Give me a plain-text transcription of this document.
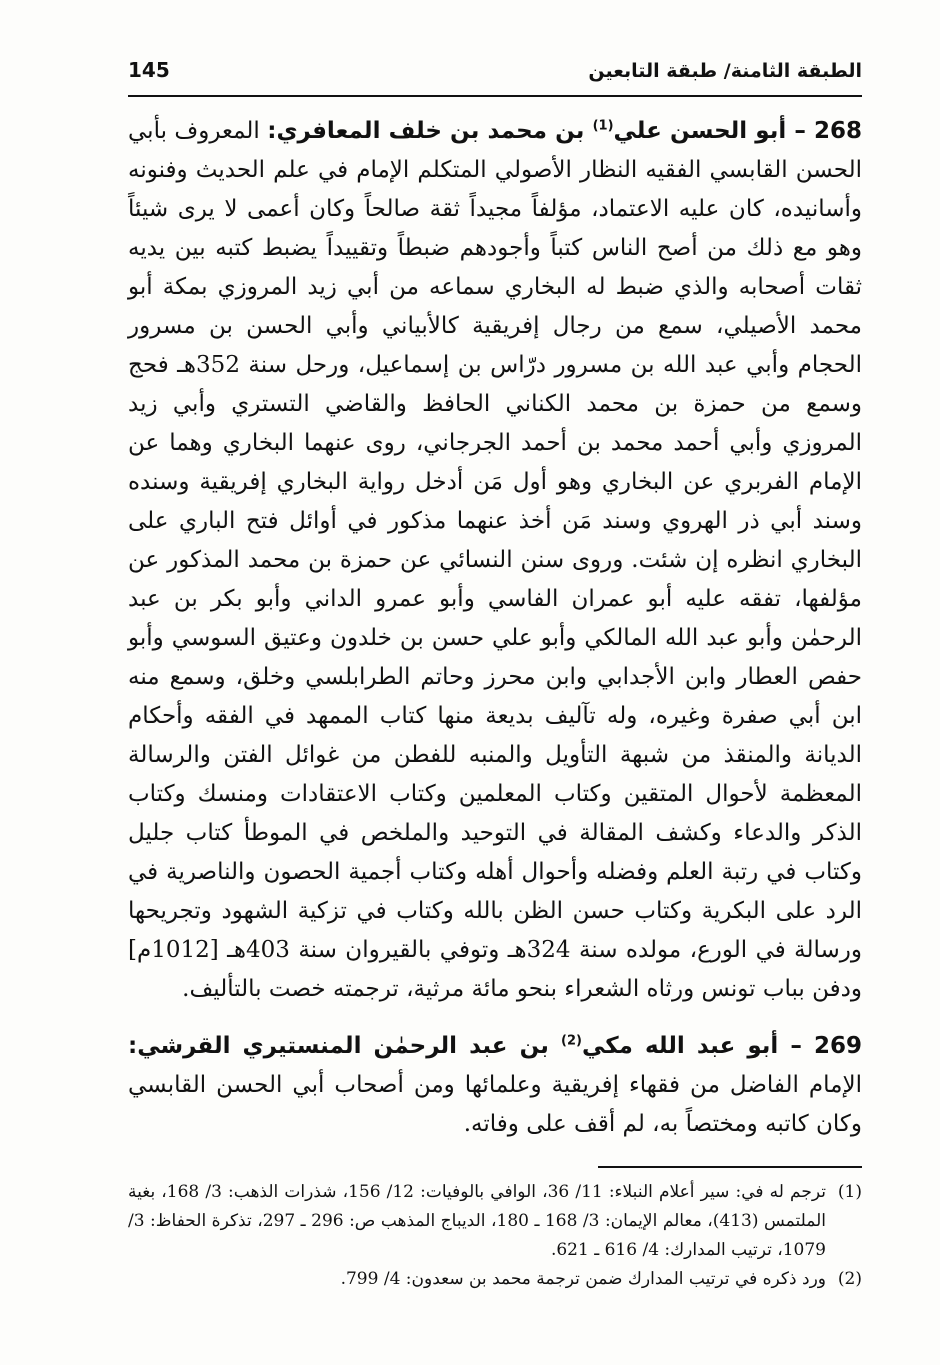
الطبقة الثامنة/ طبقة التابعين
145

268 – أبو الحسن علي$^{(1)}$ بن محمد بن خلف المعافري: المعروف بأبي الحسن القابسي الفقيه النظار الأصولي المتكلم الإمام في علم الحديث وفنونه وأسانيده، كان عليه الاعتماد، مؤلفاً مجيداً ثقة صالحاً وكان أعمى لا يرى شيئاً وهو مع ذلك من أصح الناس كتباً وأجودهم ضبطاً وتقييداً يضبط كتبه بين يديه ثقات أصحابه والذي ضبط له البخاري سماعه من أبي زيد المروزي بمكة أبو محمد الأصيلي، سمع من رجال إفريقية كالأبياني وأبي الحسن بن مسرور الحجام وأبي عبد الله بن مسرور درّاس بن إسماعيل، ورحل سنة 352هـ فحج وسمع من حمزة بن محمد الكناني الحافظ والقاضي التستري وأبي زيد المروزي وأبي أحمد محمد بن أحمد الجرجاني، روى عنهما البخاري وهما عن الإمام الفربري عن البخاري وهو أول مَن أدخل رواية البخاري إفريقية وسنده وسند أبي ذر الهروي وسند مَن أخذ عنهما مذكور في أوائل فتح الباري على البخاري انظره إن شئت. وروى سنن النسائي عن حمزة بن محمد المذكور عن مؤلفها، تفقه عليه أبو عمران الفاسي وأبو عمرو الداني وأبو بكر بن عبد الرحمٰن وأبو عبد الله المالكي وأبو علي حسن بن خلدون وعتيق السوسي وأبو حفص العطار وابن الأجدابي وابن محرز وحاتم الطرابلسي وخلق، وسمع منه ابن أبي صفرة وغيره، وله تآليف بديعة منها كتاب الممهد في الفقه وأحكام الديانة والمنقذ من شبهة التأويل والمنبه للفطن من غوائل الفتن والرسالة المعظمة لأحوال المتقين وكتاب المعلمين وكتاب الاعتقادات ومنسك وكتاب الذكر والدعاء وكشف المقالة في التوحيد والملخص في الموطأ كتاب جليل وكتاب في رتبة العلم وفضله وأحوال أهله وكتاب أجمية الحصون والناصرية في الرد على البكرية وكتاب حسن الظن بالله وكتاب في تزكية الشهود وتجريحها ورسالة في الورع، مولده سنة 324هـ وتوفي بالقيروان سنة 403هـ [1012م] ودفن بباب تونس ورثاه الشعراء بنحو مائة مرثية، ترجمته خصت بالتأليف.

269 – أبو عبد الله مكي$^{(2)}$ بن عبد الرحمٰن المنستيري القرشي: الإمام الفاضل من فقهاء إفريقية وعلمائها ومن أصحاب أبي الحسن القابسي وكان كاتبه ومختصاً به، لم أقف على وفاته.

(1)
ترجم له في: سير أعلام النبلاء: 11/ 36، الوافي بالوفيات: 12/ 156، شذرات الذهب: 3/ 168، بغية الملتمس (413)، معالم الإيمان: 3/ 168 ـ 180، الديباج المذهب ص: 296 ـ 297، تذكرة الحفاظ: 3/ 1079، ترتيب المدارك: 4/ 616 ـ 621.
(2)
ورد ذكره في ترتيب المدارك ضمن ترجمة محمد بن سعدون: 4/ 799.
